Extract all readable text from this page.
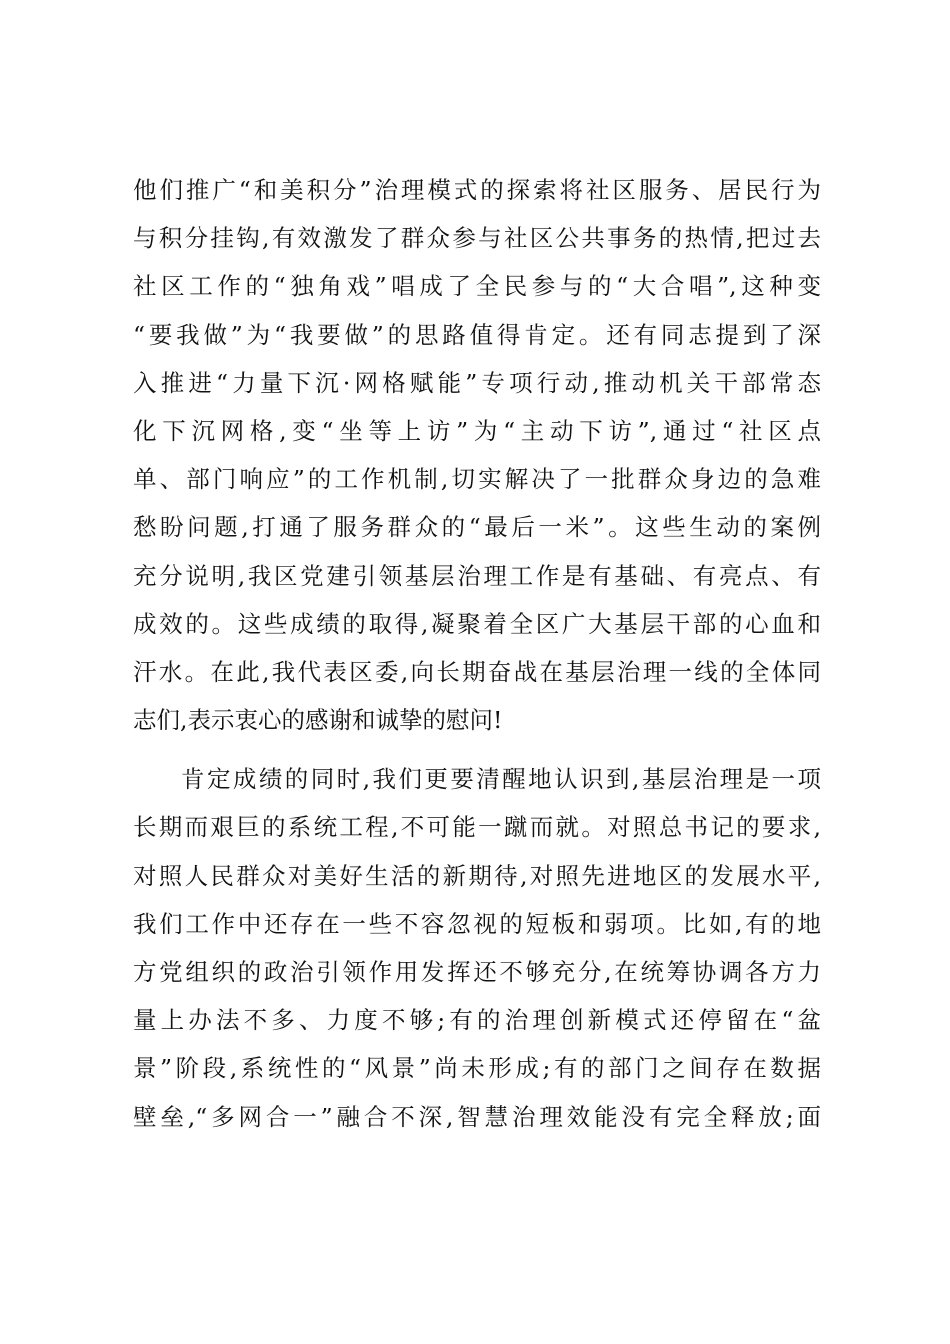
他们推广“和美积分”治理模式的探索将社区服务、居民行为
与积分挂钩,有效激发了群众参与社区公共事务的热情,把过去
社区工作的“独角戏”唱成了全民参与的“大合唱”,这种变
“要我做”为“我要做”的思路值得肯定。还有同志提到了深
入推进“力量下沉·网格赋能”专项行动,推动机关干部常态
化下沉网格,变“坐等上访”为“主动下访”,通过“社区点
单、部门响应”的工作机制,切实解决了一批群众身边的急难
愁盼问题,打通了服务群众的“最后一米”。这些生动的案例
充分说明,我区党建引领基层治理工作是有基础、有亮点、有
成效的。这些成绩的取得,凝聚着全区广大基层干部的心血和
汗水。在此,我代表区委,向长期奋战在基层治理一线的全体同
志们,表示衷心的感谢和诚挚的慰问!
肯定成绩的同时,我们更要清醒地认识到,基层治理是一项
长期而艰巨的系统工程,不可能一蹴而就。对照总书记的要求,
对照人民群众对美好生活的新期待,对照先进地区的发展水平,
我们工作中还存在一些不容忽视的短板和弱项。比如,有的地
方党组织的政治引领作用发挥还不够充分,在统筹协调各方力
量上办法不多、力度不够;有的治理创新模式还停留在“盆
景”阶段,系统性的“风景”尚未形成;有的部门之间存在数据
壁垒,“多网合一”融合不深,智慧治理效能没有完全释放;面
